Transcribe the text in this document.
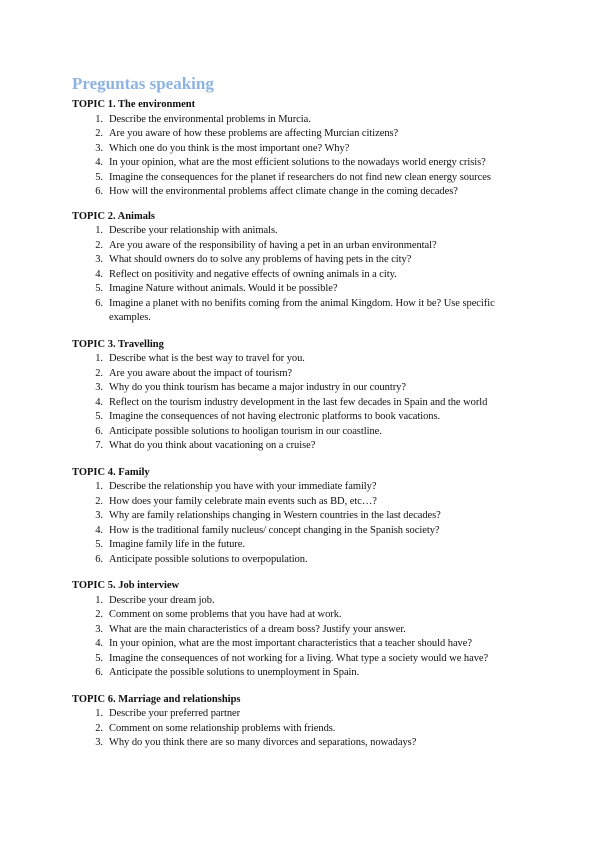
Preguntas speaking
TOPIC 1. The environment
1. Describe the environmental problems in Murcia.
2. Are you aware of how these problems are affecting Murcian citizens?
3. Which one do you think is the most important one? Why?
4. In your opinion, what are the most efficient solutions to the nowadays world energy crisis?
5. Imagine the consequences for the planet if researchers do not find new clean energy sources
6. How will the environmental problems affect climate change in the coming decades?
TOPIC 2. Animals
1. Describe your relationship with animals.
2. Are you aware of the responsibility of having a pet in an urban environmental?
3. What should owners do to solve any problems of having pets in the city?
4. Reflect on positivity and negative effects of owning animals in a city.
5. Imagine Nature without animals. Would it be possible?
6. Imagine a planet with no benifits coming from the animal Kingdom. How it be? Use specific examples.
TOPIC 3. Travelling
1. Describe what is the best way to travel for you.
2. Are you aware about the impact of tourism?
3. Why do you think tourism has became a major industry in our country?
4. Reflect on the tourism industry development in the last few decades in Spain and the world
5. Imagine the consequences of not having electronic platforms to book vacations.
6. Anticipate possible solutions to hooligan tourism in our coastline.
7. What do you think about vacationing on a cruise?
TOPIC 4. Family
1. Describe the relationship you have with your immediate family?
2. How does your family celebrate main events such as BD, etc…?
3. Why are family relationships changing in Western countries in the last decades?
4. How is the traditional family nucleus/ concept changing in the Spanish society?
5. Imagine family life in the future.
6. Anticipate possible solutions to overpopulation.
TOPIC 5. Job interview
1. Describe your dream job.
2. Comment on some problems that you have had at work.
3. What are the main characteristics of a dream boss? Justify your answer.
4. In your opinion, what are the most important characteristics that a teacher should have?
5. Imagine the consequences of not working for a living. What type a society would we have?
6. Anticipate the possible solutions to unemployment in Spain.
TOPIC 6. Marriage and relationships
1. Describe your preferred partner
2. Comment on some relationship problems with friends.
3. Why do you think there are so many divorces and separations, nowadays?
